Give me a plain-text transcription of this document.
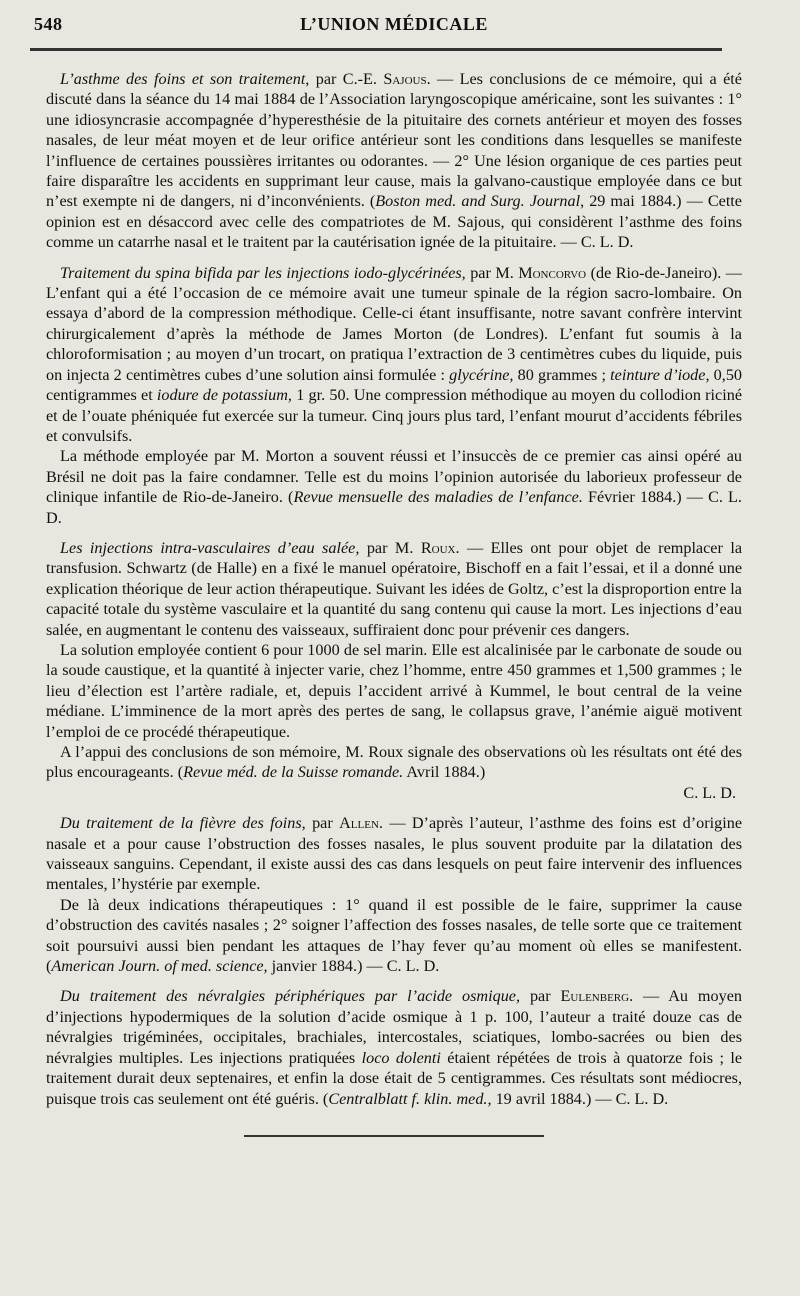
548	L’UNION MÉDICALE

L’asthme des foins et son traitement, par C.-E. Sajous. — Les conclusions de ce mémoire, qui a été discuté dans la séance du 14 mai 1884 de l’Association laryngoscopique américaine, sont les suivantes : 1° une idiosyncrasie accompagnée d’hyperesthésie de la pituitaire des cornets antérieur et moyen des fosses nasales, de leur méat moyen et de leur orifice antérieur sont les conditions dans lesquelles se manifeste l’influence de certaines poussières irritantes ou odorantes. — 2° Une lésion organique de ces parties peut faire disparaître les accidents en supprimant leur cause, mais la galvano-caustique employée dans ce but n’est exempte ni de dangers, ni d’inconvénients. (Boston med. and Surg. Journal, 29 mai 1884.) — Cette opinion est en désaccord avec celle des compatriotes de M. Sajous, qui considèrent l’asthme des foins comme un catarrhe nasal et le traitent par la cautérisation ignée de la pituitaire. — C. L. D.

Traitement du spina bifida par les injections iodo-glycérinées, par M. Moncorvo (de Rio-de-Janeiro). — L’enfant qui a été l’occasion de ce mémoire avait une tumeur spinale de la région sacro-lombaire. On essaya d’abord de la compression méthodique. Celle-ci étant insuffisante, notre savant confrère intervint chirurgicalement d’après la méthode de James Morton (de Londres). L’enfant fut soumis à la chloroformisation ; au moyen d’un trocart, on pratiqua l’extraction de 3 centimètres cubes du liquide, puis on injecta 2 centimètres cubes d’une solution ainsi formulée : glycérine, 80 grammes ; teinture d’iode, 0,50 centigrammes et iodure de potassium, 1 gr. 50. Une compression méthodique au moyen du collodion riciné et de l’ouate phéniquée fut exercée sur la tumeur. Cinq jours plus tard, l’enfant mourut d’accidents fébriles et convulsifs.

La méthode employée par M. Morton a souvent réussi et l’insuccès de ce premier cas ainsi opéré au Brésil ne doit pas la faire condamner. Telle est du moins l’opinion autorisée du laborieux professeur de clinique infantile de Rio-de-Janeiro. (Revue mensuelle des maladies de l’enfance. Février 1884.) — C. L. D.

Les injections intra-vasculaires d’eau salée, par M. Roux. — Elles ont pour objet de remplacer la transfusion. Schwartz (de Halle) en a fixé le manuel opératoire, Bischoff en a fait l’essai, et il a donné une explication théorique de leur action thérapeutique. Suivant les idées de Goltz, c’est la disproportion entre la capacité totale du système vasculaire et la quantité du sang contenu qui cause la mort. Les injections d’eau salée, en augmentant le contenu des vaisseaux, suffiraient donc pour prévenir ces dangers.

La solution employée contient 6 pour 1000 de sel marin. Elle est alcalinisée par le carbonate de soude ou la soude caustique, et la quantité à injecter varie, chez l’homme, entre 450 grammes et 1,500 grammes ; le lieu d’élection est l’artère radiale, et, depuis l’accident arrivé à Kummel, le bout central de la veine médiane. L’imminence de la mort après des pertes de sang, le collapsus grave, l’anémie aiguë motivent l’emploi de ce procédé thérapeutique.

A l’appui des conclusions de son mémoire, M. Roux signale des observations où les résultats ont été des plus encourageants. (Revue méd. de la Suisse romande. Avril 1884.)
C. L. D.

Du traitement de la fièvre des foins, par Allen. — D’après l’auteur, l’asthme des foins est d’origine nasale et a pour cause l’obstruction des fosses nasales, le plus souvent produite par la dilatation des vaisseaux sanguins. Cependant, il existe aussi des cas dans lesquels on peut faire intervenir des influences mentales, l’hystérie par exemple.

De là deux indications thérapeutiques : 1° quand il est possible de le faire, supprimer la cause d’obstruction des cavités nasales ; 2° soigner l’affection des fosses nasales, de telle sorte que ce traitement soit poursuivi aussi bien pendant les attaques de l’hay fever qu’au moment où elles se manifestent. (American Journ. of med. science, janvier 1884.) — C. L. D.

Du traitement des névralgies périphériques par l’acide osmique, par Eulenberg. — Au moyen d’injections hypodermiques de la solution d’acide osmique à 1 p. 100, l’auteur a traité douze cas de névralgies trigéminées, occipitales, brachiales, intercostales, sciatiques, lombo-sacrées ou bien des névralgies multiples. Les injections pratiquées loco dolenti étaient répétées de trois à quatorze fois ; le traitement durait deux septenaires, et enfin la dose était de 5 centigrammes. Ces résultats sont médiocres, puisque trois cas seulement ont été guéris. (Centralblatt f. klin. med., 19 avril 1884.) — C. L. D.
